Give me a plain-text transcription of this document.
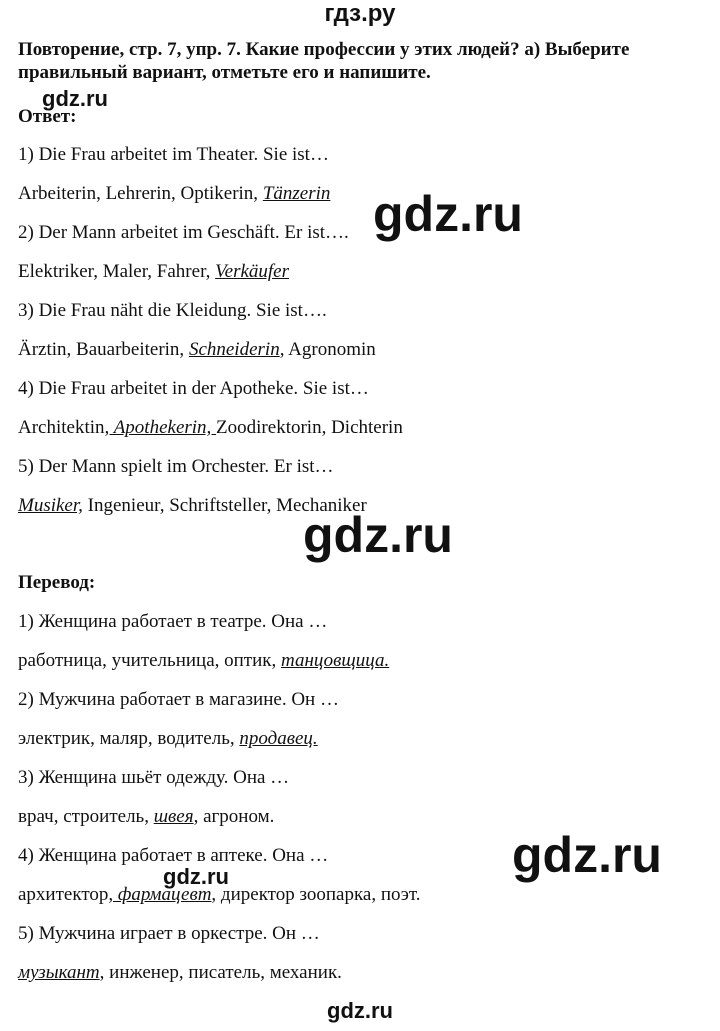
гдз.ру
Повторение, стр. 7, упр. 7. Какие профессии у этих людей? а) Выберите
правильный вариант, отметьте его и напишите.
gdz.ru
Ответ:
1) Die Frau arbeitet im Theater. Sie ist…
Arbeiterin, Lehrerin, Optikerin, Tänzerin
2) Der Mann arbeitet im Geschäft. Er ist….
Elektriker, Maler, Fahrer, Verkäufer
3) Die Frau näht die Kleidung. Sie ist….
Ärztin, Bauarbeiterin, Schneiderin, Agronomin
4) Die Frau arbeitet in der Apotheke. Sie ist…
Architektin, Apothekerin, Zoodirektorin, Dichterin
5) Der Mann spielt im Orchester. Er ist…
Musiker, Ingenieur, Schriftsteller, Mechaniker
Перевод:
1) Женщина работает в театре. Она …
работница, учительница, оптик, танцовщица.
2) Мужчина работает в магазине. Он …
электрик, маляр, водитель, продавец.
3) Женщина шьёт одежду. Она …
врач, строитель, швея, агроном.
4) Женщина работает в аптеке. Она …
архитектор, фармацевт, директор зоопарка, поэт.
5) Мужчина играет в оркестре. Он …
музыкант, инженер, писатель, механик.
gdz.ru
gdz.ru
gdz.ru
gdz.ru
gdz.ru
